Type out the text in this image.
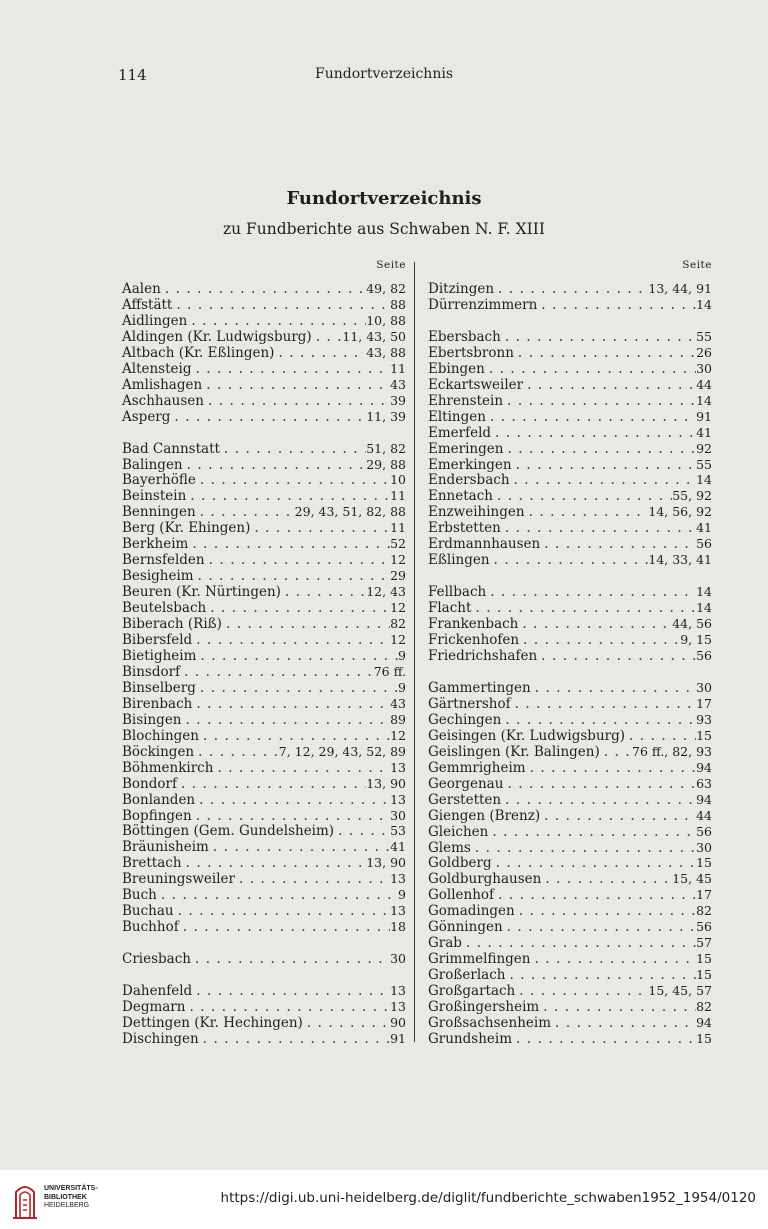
114	Fundortverzeichnis
Fundortverzeichnis
zu Fundberichte aus Schwaben N. F. XIII
Seite
Aalen . . .	49, 82
Affstätt . . .	88
Aidlingen . . .	10, 88
Aldingen (Kr. Ludwigsburg) . . . 11, 43, 50
Altbach (Kr. Eßlingen) . . .	43, 88
Altensteig . . .	11
Amlishagen . . .	43
Aschhausen . . .	39
Asperg . . .	11, 39
Bad Cannstatt . . .	51, 82
Balingen . . .	29, 88
Bayerhöfle . . .	10
Beinstein . . .	11
Benningen . . .	29, 43, 51, 82, 88
Berg (Kr. Ehingen) . . .	11
Berkheim . . .	52
Bernsfelden . . .	12
Besigheim . . .	29
Beuren (Kr. Nürtingen) . . .	12, 43
Beutelsbach . . .	12
Biberach (Riß) . . .	82
Bibersfeld . . .	12
Bietigheim . . .	9
Binsdorf . . .	76 ff.
Binselberg . . .	9
Birenbach . . .	43
Bisingen . . .	89
Blochingen . . .	12
Böckingen . . .	7, 12, 29, 43, 52, 89
Böhmenkirch . . .	13
Bondorf . . .	13, 90
Bonlanden . . .	13
Bopfingen . . .	30
Böttingen (Gem. Gundelsheim) . . .	53
Bräunisheim . . .	41
Brettach . . .	13, 90
Breuningsweiler . . .	13
Buch . . .	9
Buchau . . .	13
Buchhof . . .	18
Criesbach . . .	30
Dahenfeld . . .	13
Degmarn . . .	13
Dettingen (Kr. Hechingen) . . .	90
Dischingen . . .	91
Seite
Ditzingen . . .	13, 44, 91
Dürrenzimmern . . .	14
Ebersbach . . .	55
Ebertsbronn . . .	26
Ebingen . . .	30
Eckartsweiler . . .	44
Ehrenstein . . .	14
Eltingen . . .	91
Emerfeld . . .	41
Emeringen . . .	92
Emerkingen . . .	55
Endersbach . . .	14
Ennetach . . .	55, 92
Enzweihingen . . .	14, 56, 92
Erbstetten . . .	41
Erdmannhausen . . .	56
Eßlingen . . .	14, 33, 41
Fellbach . . .	14
Flacht . . .	14
Frankenbach . . .	44, 56
Frickenhofen . . .	9, 15
Friedrichshafen . . .	56
Gammertingen . . .	30
Gärtnershof . . .	17
Gechingen . . .	93
Geisingen (Kr. Ludwigsburg) . . .	15
Geislingen (Kr. Balingen) . . .	76 ff., 82, 93
Gemmrigheim . . .	94
Georgenau . . .	63
Gerstetten . . .	94
Giengen (Brenz) . . .	44
Gleichen . . .	56
Glems . . .	30
Goldberg . . .	15
Goldburghausen . . .	15, 45
Gollenhof . . .	17
Gomadingen . . .	82
Gönningen . . .	56
Grab . . .	57
Grimmelfingen . . .	15
Großerlach . . .	15
Großgartach . . .	15, 45, 57
Großingersheim . . .	82
Großsachsenheim . . .	94
Grundsheim . . .	15
UNIVERSITÄTS-
BIBLIOTHEK
HEIDELBERG	https://digi.ub.uni-heidelberg.de/diglit/fundberichte_schwaben1952_1954/0120
